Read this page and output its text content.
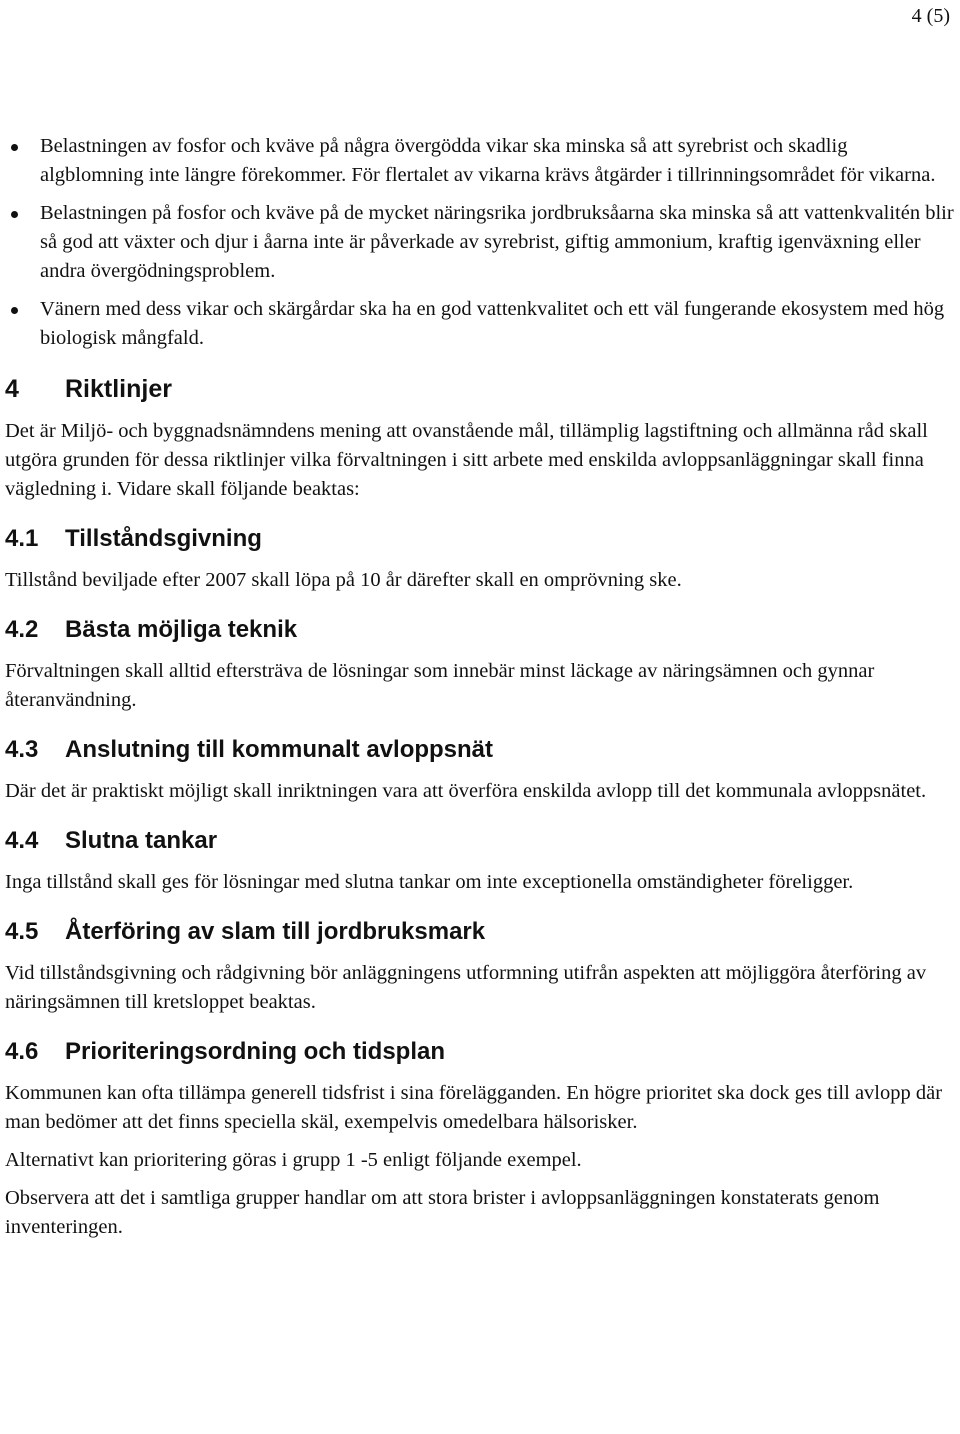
4 (5)
Belastningen av fosfor och kväve på några övergödda vikar ska minska så att syrebrist och skadlig algblomning inte längre förekommer. För flertalet av vikarna krävs åtgärder i tillrinningsområdet för vikarna.
Belastningen på fosfor och kväve på de mycket näringsrika jordbruksåarna ska minska så att vattenkvalitén blir så god att växter och djur i åarna inte är påverkade av syrebrist, giftig ammonium, kraftig igenväxning eller andra övergödningsproblem.
Vänern med dess vikar och skärgårdar ska ha en god vattenkvalitet och ett väl fungerande ekosystem med hög biologisk mångfald.
4 Riktlinjer

Det är Miljö- och byggnadsnämndens mening att ovanstående mål, tillämplig lagstiftning och allmänna råd skall utgöra grunden för dessa riktlinjer vilka förvaltningen i sitt arbete med enskilda avloppsanläggningar skall finna vägledning i. Vidare skall följande beaktas:

4.1 Tillståndsgivning

Tillstånd beviljade efter 2007 skall löpa på 10 år därefter skall en omprövning ske.

4.2 Bästa möjliga teknik

Förvaltningen skall alltid eftersträva de lösningar som innebär minst läckage av näringsämnen och gynnar återanvändning.

4.3 Anslutning till kommunalt avloppsnät

Där det är praktiskt möjligt skall inriktningen vara att överföra enskilda avlopp till det kommunala avloppsnätet.

4.4 Slutna tankar

Inga tillstånd skall ges för lösningar med slutna tankar om inte exceptionella omständigheter föreligger.

4.5 Återföring av slam till jordbruksmark

Vid tillståndsgivning och rådgivning bör anläggningens utformning utifrån aspekten att möjliggöra återföring av näringsämnen till kretsloppet beaktas.

4.6 Prioriteringsordning och tidsplan

Kommunen kan ofta tillämpa generell tidsfrist i sina förelägganden. En högre prioritet ska dock ges till avlopp där man bedömer att det finns speciella skäl, exempelvis omedelbara hälsorisker.

Alternativt kan prioritering göras i grupp 1 -5 enligt följande exempel.

Observera att det i samtliga grupper handlar om att stora brister i avloppsanläggningen konstaterats genom inventeringen.
